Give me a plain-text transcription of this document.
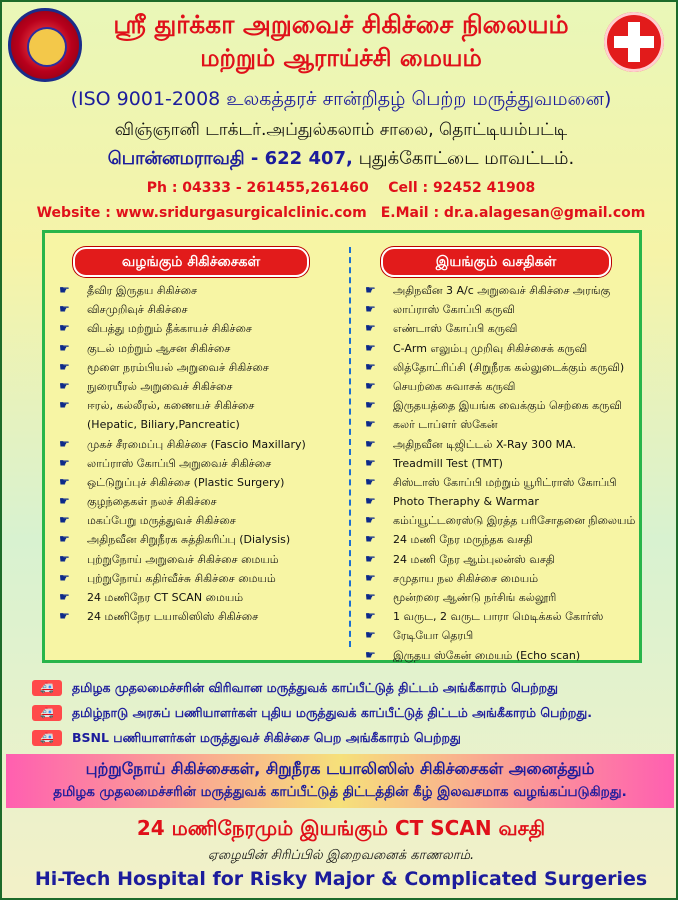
ஸ்ரீ துர்க்கா அறுவைச் சிகிச்சை நிலையம்
மற்றும் ஆராய்ச்சி மையம்
(ISO 9001-2008 உலகத்தரச் சான்றிதழ் பெற்ற மருத்துவமனை)
விஞ்ஞானி டாக்டர்.அப்துல்கலாம் சாலை, தொட்டியம்பட்டி
பொன்னமராவதி - 622 407, புதுக்கோட்டை மாவட்டம்.
Ph : 04333 - 261455,261460 Cell : 92452 41908
Website : www.sridurgasurgicalclinic.com E.Mail : dr.a.alagesan@gmail.com
வழங்கும் சிகிச்சைகள்	இயங்கும் வசதிகள்
☛ தீவிர இருதய சிகிச்சை
☛ விசமுறிவுச் சிகிச்சை
☛ விபத்து மற்றும் தீக்காயச் சிகிச்சை
☛ குடல் மற்றும் ஆசன சிகிச்சை
☛ மூளை நரம்பியல் அறுவைச் சிகிச்சை
☛ நுரையீரல் அறுவைச் சிகிச்சை
☛ ஈரல், கல்லீரல், கணையச் சிகிச்சை
(Hepatic, Biliary,Pancreatic)
☛ முகச் சீரமைப்பு சிகிச்சை (Fascio Maxillary)
☛ லாப்ராஸ் கோப்பி அறுவைச் சிகிச்சை
☛ ஒட்டுறுப்புச் சிகிச்சை (Plastic Surgery)
☛ குழந்தைகள் நலச் சிகிச்சை
☛ மகப்பேறு மருத்துவச் சிகிச்சை
☛ அதிநவீன சிறுநீரக சுத்திகரிப்பு (Dialysis)
☛ புற்றுநோய் அறுவைச் சிகிச்சை மையம்
☛ புற்றுநோய் கதிர்வீச்சு சிகிச்சை மையம்
☛ 24 மணிநேர CT SCAN மையம்
☛ 24 மணிநேர டயாலிஸிஸ் சிகிச்சை
☛ அதிநவீன 3 A/c அறுவைச் சிகிச்சை அரங்கு
☛ லாப்ராஸ் கோப்பி கருவி
☛ எண்டாஸ் கோப்பி கருவி
☛ C-Arm எலும்பு முறிவு சிகிச்சைக் கருவி
☛ லித்தோட்ரிப்சி (சிறுநீரக கல்லுடைக்கும் கருவி)
☛ செயற்கை சுவாசக் கருவி
☛ இருதயத்தை இயங்க வைக்கும் செற்கை கருவி
☛ கலர் டாப்ளர் ஸ்கேன்
☛ அதிநவீன டிஜிட்டல் X-Ray 300 MA.
☛ Treadmill Test (TMT)
☛ சிஸ்டாஸ் கோப்பி மற்றும் யூரிட்ராஸ் கோப்பி
☛ Photo Theraphy & Warmar
☛ கம்ப்யூட்டரைஸ்டு இரத்த பரிசோதனை நிலையம்
☛ 24 மணி நேர மருந்தக வசதி
☛ 24 மணி நேர ஆம்புலன்ஸ் வசதி
☛ சமுதாய நல சிகிச்சை மையம்
☛ மூன்றரை ஆண்டு நர்சிங் கல்லூரி
☛ 1 வருட, 2 வருட பாரா மெடிக்கல் கோர்ஸ்
☛ ரேடியோ தெரபி
☛ இருதய ஸ்கேன் மையம் (Echo scan)
🚑	தமிழக முதலமைச்சரின் விரிவான மருத்துவக் காப்பீட்டுத் திட்டம் அங்கீகாரம் பெற்றது
🚑	தமிழ்நாடு அரசுப் பணியாளர்கள் புதிய மருத்துவக் காப்பீட்டுத் திட்டம் அங்கீகாரம் பெற்றது.
🚑	BSNL பணியாளர்கள் மருத்துவச் சிகிச்சை பெற அங்கீகாரம் பெற்றது
புற்றுநோய் சிகிச்சைகள், சிறுநீரக டயாலிஸிஸ் சிகிச்சைகள் அனைத்தும்
தமிழக முதலமைச்சரின் மருத்துவக் காப்பீட்டுத் திட்டத்தின் கீழ் இலவசமாக வழங்கப்படுகிறது.
24 மணிநேரமும் இயங்கும் CT SCAN வசதி
ஏழையின் சிரிப்பில் இறைவனைக் காணலாம்.
Hi-Tech Hospital for Risky Major & Complicated Surgeries
